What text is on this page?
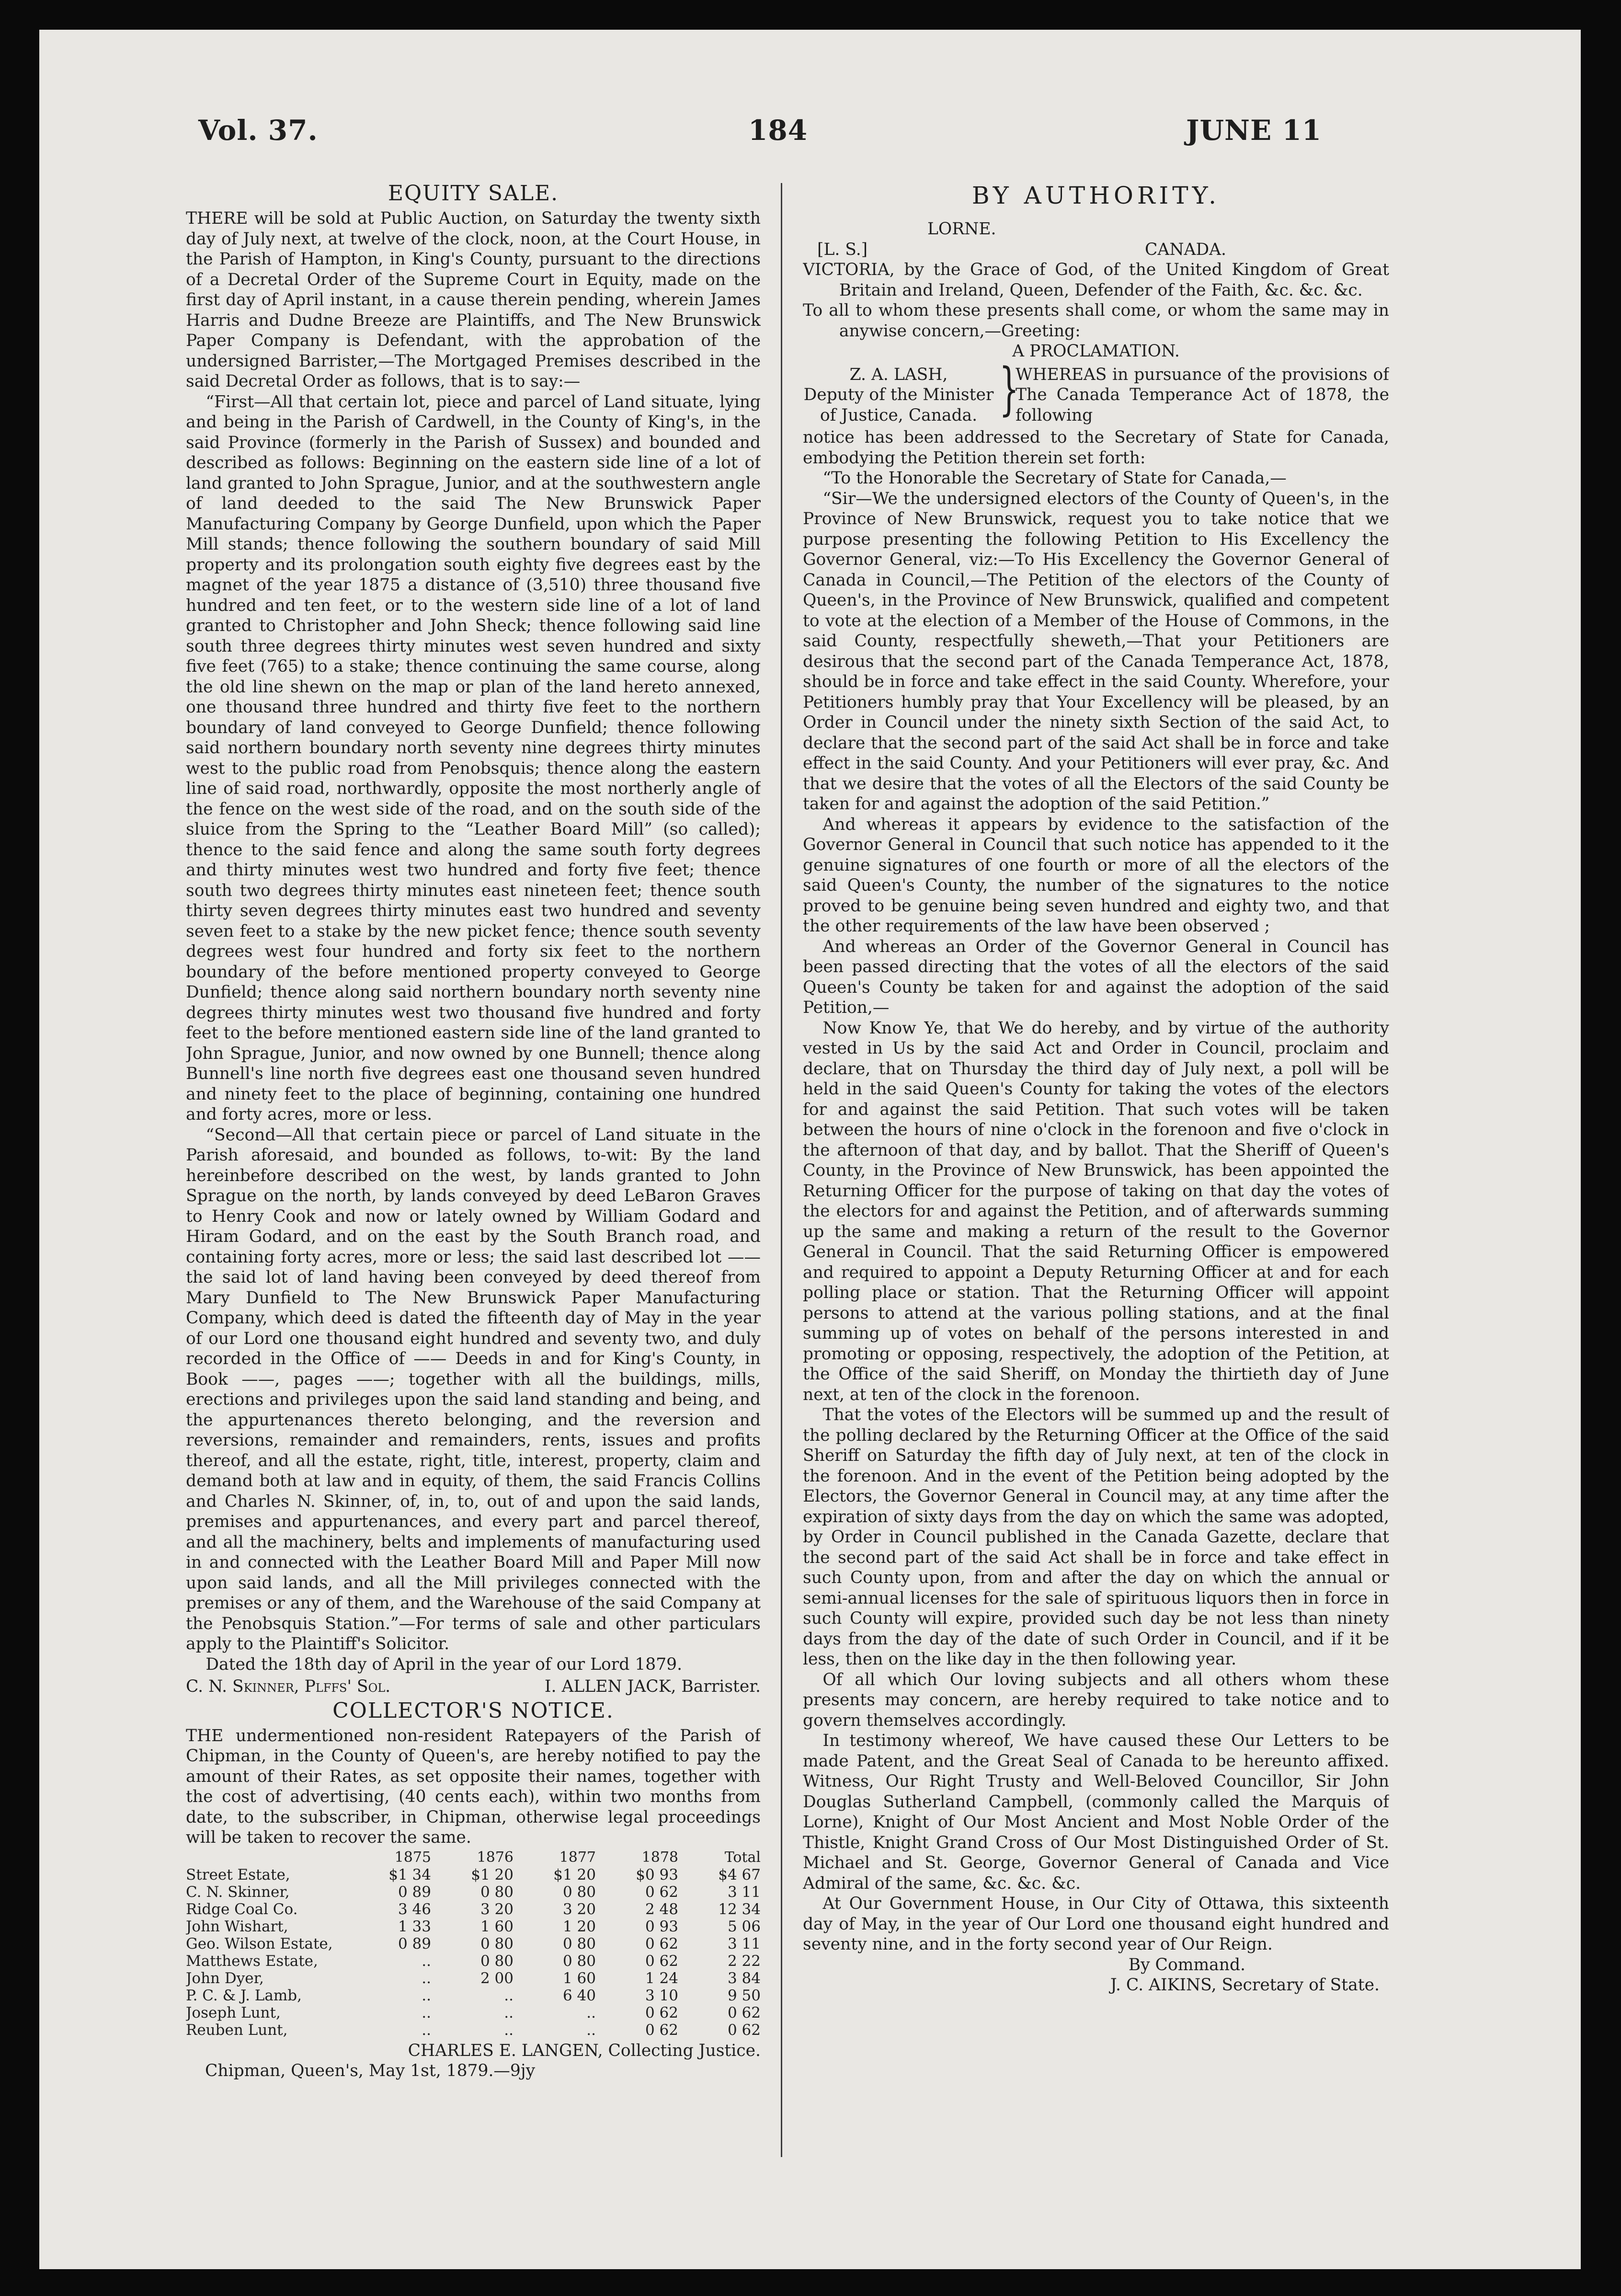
Vol. 37.	184	JUNE 11
EQUITY SALE.

THERE will be sold at Public Auction, on Saturday the twenty sixth day of July next, at twelve of the clock, noon, at the Court House, in the Parish of Hampton, in King's County, pursuant to the directions of a Decretal Order of the Supreme Court in Equity, made on the first day of April instant, in a cause therein pending, wherein James Harris and Dudne Breeze are Plaintiffs, and The New Brunswick Paper Company is Defendant, with the approbation of the undersigned Barrister,—The Mortgaged Premises described in the said Decretal Order as follows, that is to say:—

“First—All that certain lot, piece and parcel of Land situate, lying and being in the Parish of Cardwell, in the County of King's, in the said Province (formerly in the Parish of Sussex) and bounded and described as follows: Beginning on the eastern side line of a lot of land granted to John Sprague, Junior, and at the southwestern angle of land deeded to the said The New Brunswick Paper Manufacturing Company by George Dunfield, upon which the Paper Mill stands; thence following the southern boundary of said Mill property and its prolongation south eighty five degrees east by the magnet of the year 1875 a distance of (3,510) three thousand five hundred and ten feet, or to the western side line of a lot of land granted to Christopher and John Sheck; thence following said line south three degrees thirty minutes west seven hundred and sixty five feet (765) to a stake; thence continuing the same course, along the old line shewn on the map or plan of the land hereto annexed, one thousand three hundred and thirty five feet to the northern boundary of land conveyed to George Dunfield; thence following said northern boundary north seventy nine degrees thirty minutes west to the public road from Penobsquis; thence along the eastern line of said road, northwardly, opposite the most northerly angle of the fence on the west side of the road, and on the south side of the sluice from the Spring to the “Leather Board Mill” (so called); thence to the said fence and along the same south forty degrees and thirty minutes west two hundred and forty five feet; thence south two degrees thirty minutes east nineteen feet; thence south thirty seven degrees thirty minutes east two hundred and seventy seven feet to a stake by the new picket fence; thence south seventy degrees west four hundred and forty six feet to the northern boundary of the before mentioned property conveyed to George Dunfield; thence along said northern boundary north seventy nine degrees thirty minutes west two thousand five hundred and forty feet to the before mentioned eastern side line of the land granted to John Sprague, Junior, and now owned by one Bunnell; thence along Bunnell's line north five degrees east one thousand seven hundred and ninety feet to the place of beginning, containing one hundred and forty acres, more or less.

“Second—All that certain piece or parcel of Land situate in the Parish aforesaid, and bounded as follows, to-wit: By the land hereinbefore described on the west, by lands granted to John Sprague on the north, by lands conveyed by deed LeBaron Graves to Henry Cook and now or lately owned by William Godard and Hiram Godard, and on the east by the South Branch road, and containing forty acres, more or less; the said last described lot —— the said lot of land having been conveyed by deed thereof from Mary Dunfield to The New Brunswick Paper Manufacturing Company, which deed is dated the fifteenth day of May in the year of our Lord one thousand eight hundred and seventy two, and duly recorded in the Office of —— Deeds in and for King's County, in Book ——, pages ——; together with all the buildings, mills, erections and privileges upon the said land standing and being, and the appurtenances thereto belonging, and the reversion and reversions, remainder and remainders, rents, issues and profits thereof, and all the estate, right, title, interest, property, claim and demand both at law and in equity, of them, the said Francis Collins and Charles N. Skinner, of, in, to, out of and upon the said lands, premises and appurtenances, and every part and parcel thereof, and all the machinery, belts and implements of manufacturing used in and connected with the Leather Board Mill and Paper Mill now upon said lands, and all the Mill privileges connected with the premises or any of them, and the Warehouse of the said Company at the Penobsquis Station.”—For terms of sale and other particulars apply to the Plaintiff's Solicitor.

Dated the 18th day of April in the year of our Lord 1879.

C. N. Skinner, Plffs' Sol.	I. ALLEN JACK, Barrister.
COLLECTOR'S NOTICE.

THE undermentioned non-resident Ratepayers of the Parish of Chipman, in the County of Queen's, are hereby notified to pay the amount of their Rates, as set opposite their names, together with the cost of advertising, (40 cents each), within two months from date, to the subscriber, in Chipman, otherwise legal proceedings will be taken to recover the same.

	1875	1876	1877	1878	Total
Street Estate,	$1 34	$1 20	$1 20	$0 93	$4 67
C. N. Skinner,	0 89	0 80	0 80	0 62	3 11
Ridge Coal Co.	3 46	3 20	3 20	2 48	12 34
John Wishart,	1 33	1 60	1 20	0 93	5 06
Geo. Wilson Estate,	0 89	0 80	0 80	0 62	3 11
Matthews Estate,	..	0 80	0 80	0 62	2 22
John Dyer,	..	2 00	1 60	1 24	3 84
P. C. & J. Lamb,	..	..	6 40	3 10	9 50
Joseph Lunt,	..	..	..	0 62	0 62
Reuben Lunt,	..	..	..	0 62	0 62
CHARLES E. LANGEN, Collecting Justice.
Chipman, Queen's, May 1st, 1879.—9jy
BY AUTHORITY.

LORNE.

[L. S.]	CANADA.

VICTORIA, by the Grace of God, of the United Kingdom of Great Britain and Ireland, Queen, Defender of the Faith, &c. &c. &c.

To all to whom these presents shall come, or whom the same may in anywise concern,—Greeting:

A PROCLAMATION.

Z. A. LASH,
Deputy of the Minister of Justice, Canada. }
WHEREAS in pursuance of the provisions of The Canada Temperance Act of 1878, the following

notice has been addressed to the Secretary of State for Canada, embodying the Petition therein set forth:

“To the Honorable the Secretary of State for Canada,—

“Sir—We the undersigned electors of the County of Queen's, in the Province of New Brunswick, request you to take notice that we purpose presenting the following Petition to His Excellency the Governor General, viz:—To His Excellency the Governor General of Canada in Council,—The Petition of the electors of the County of Queen's, in the Province of New Brunswick, qualified and competent to vote at the election of a Member of the House of Commons, in the said County, respectfully sheweth,—That your Petitioners are desirous that the second part of the Canada Temperance Act, 1878, should be in force and take effect in the said County. Wherefore, your Petitioners humbly pray that Your Excellency will be pleased, by an Order in Council under the ninety sixth Section of the said Act, to declare that the second part of the said Act shall be in force and take effect in the said County. And your Petitioners will ever pray, &c. And that we desire that the votes of all the Electors of the said County be taken for and against the adoption of the said Petition.”

And whereas it appears by evidence to the satisfaction of the Governor General in Council that such notice has appended to it the genuine signatures of one fourth or more of all the electors of the said Queen's County, the number of the signatures to the notice proved to be genuine being seven hundred and eighty two, and that the other requirements of the law have been observed ;

And whereas an Order of the Governor General in Council has been passed directing that the votes of all the electors of the said Queen's County be taken for and against the adoption of the said Petition,—

Now Know Ye, that We do hereby, and by virtue of the authority vested in Us by the said Act and Order in Council, proclaim and declare, that on Thursday the third day of July next, a poll will be held in the said Queen's County for taking the votes of the electors for and against the said Petition. That such votes will be taken between the hours of nine o'clock in the forenoon and five o'clock in the afternoon of that day, and by ballot. That the Sheriff of Queen's County, in the Province of New Brunswick, has been appointed the Returning Officer for the purpose of taking on that day the votes of the electors for and against the Petition, and of afterwards summing up the same and making a return of the result to the Governor General in Council. That the said Returning Officer is empowered and required to appoint a Deputy Returning Officer at and for each polling place or station. That the Returning Officer will appoint persons to attend at the various polling stations, and at the final summing up of votes on behalf of the persons interested in and promoting or opposing, respectively, the adoption of the Petition, at the Office of the said Sheriff, on Monday the thirtieth day of June next, at ten of the clock in the forenoon.

That the votes of the Electors will be summed up and the result of the polling declared by the Returning Officer at the Office of the said Sheriff on Saturday the fifth day of July next, at ten of the clock in the forenoon. And in the event of the Petition being adopted by the Electors, the Governor General in Council may, at any time after the expiration of sixty days from the day on which the same was adopted, by Order in Council published in the Canada Gazette, declare that the second part of the said Act shall be in force and take effect in such County upon, from and after the day on which the annual or semi-annual licenses for the sale of spirituous liquors then in force in such County will expire, provided such day be not less than ninety days from the day of the date of such Order in Council, and if it be less, then on the like day in the then following year.

Of all which Our loving subjects and all others whom these presents may concern, are hereby required to take notice and to govern themselves accordingly.

In testimony whereof, We have caused these Our Letters to be made Patent, and the Great Seal of Canada to be hereunto affixed. Witness, Our Right Trusty and Well-Beloved Councillor, Sir John Douglas Sutherland Campbell, (commonly called the Marquis of Lorne), Knight of Our Most Ancient and Most Noble Order of the Thistle, Knight Grand Cross of Our Most Distinguished Order of St. Michael and St. George, Governor General of Canada and Vice Admiral of the same, &c. &c. &c.

At Our Government House, in Our City of Ottawa, this sixteenth day of May, in the year of Our Lord one thousand eight hundred and seventy nine, and in the forty second year of Our Reign.

By Command.

J. C. AIKINS, Secretary of State.
